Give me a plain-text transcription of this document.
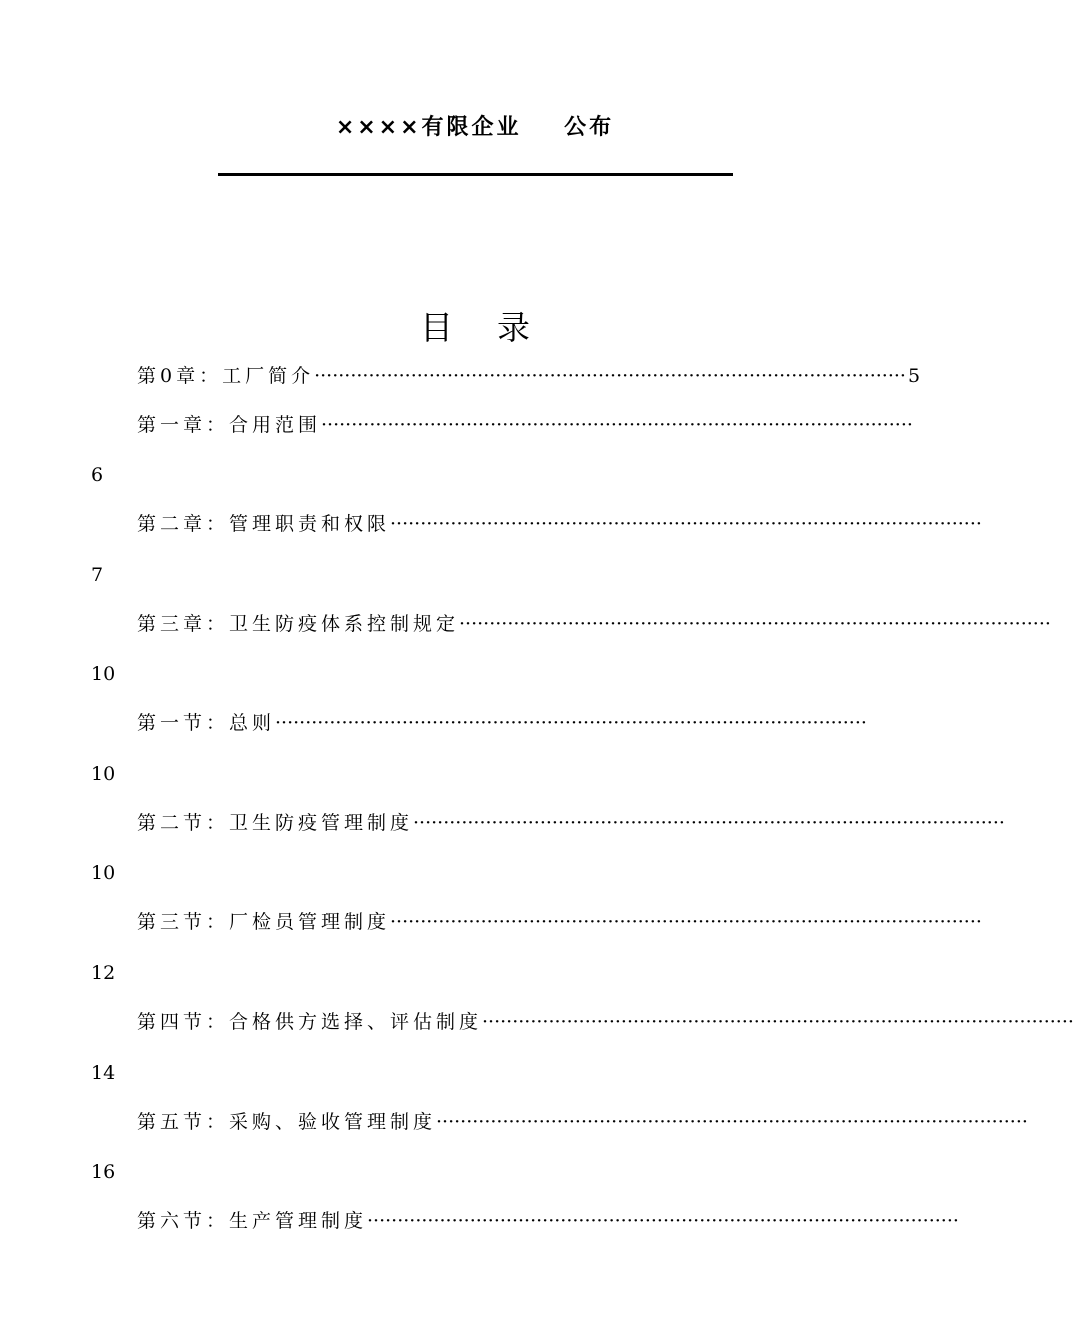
××××有限企业    公布
目录
第0章：工厂简介 ·································································································· 5
第一章：合用范围 ··································································································
6
第二章：管理职责和权限 ··································································································
7
第三章：卫生防疫体系控制规定 ··································································································
10
第一节：总则 ··································································································
10
第二节：卫生防疫管理制度 ··································································································
10
第三节：厂检员管理制度 ··································································································
12
第四节：合格供方选择、评估制度 ··································································································
14
第五节：采购、验收管理制度 ··································································································
16
第六节：生产管理制度 ··································································································
